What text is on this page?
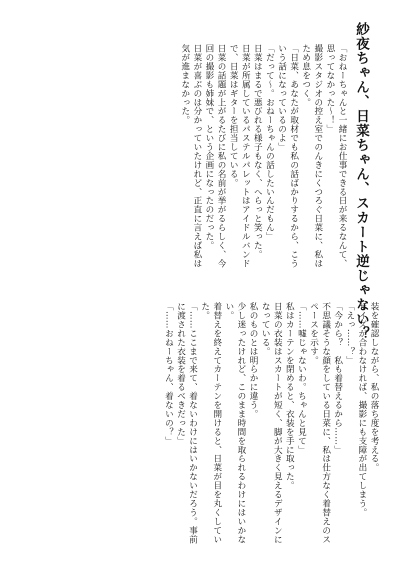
紗夜ちゃん、日菜ちゃん、スカート逆じゃない？

「おねーちゃんと一緒にお仕事できる日が来るなんて、思ってなかった〜！」

撮影スタジオの控え室でのんきにくつろぐ日菜に、私はため息をつく。

「日菜、あなたが取材でも私の話ばかりするから、こういう話になっているのよ」

「だって〜。おねーちゃんの話したいんだもん」

日菜はまるで悪びれる様子もなく、へらっと笑った。

日菜が所属しているパステルパレットはアイドルバンドで、日菜はギターを担当している。

日菜の話題が上がるたびに私の名前が挙がるらしく、今回の撮影も姉妹で、という企画になったのだった。

日菜が喜ぶのは分かっていたけれど、正直に言えば私は気が進まなかった。

装を確認しながら、私の落ち度を考える。

サイズが合わなければ、撮影にも支障が出てしまう。

「えっ……？」

「今から？　私も着替えるから……」

不思議そうな顔をしている日菜に、私は仕方なく着替えのスペースを示す。

「……嘘じゃないわ。ちゃんと見て」

私はカーテンを閉めると、衣装を手に取った。

日菜の衣装はスカートが短く、脚が大きく見えるデザインになっている。

私のものとは明らかに違う。

少し迷ったけれど、このまま時間を取られるわけにはいかない。

着替えを終えてカーテンを開けると、日菜が目を丸くしていた。

「……ここまで来て、着ないわけにはいかないだろう。事前に渡された衣装を着るべきだった」

「……おねーちゃん、着ないの？」
